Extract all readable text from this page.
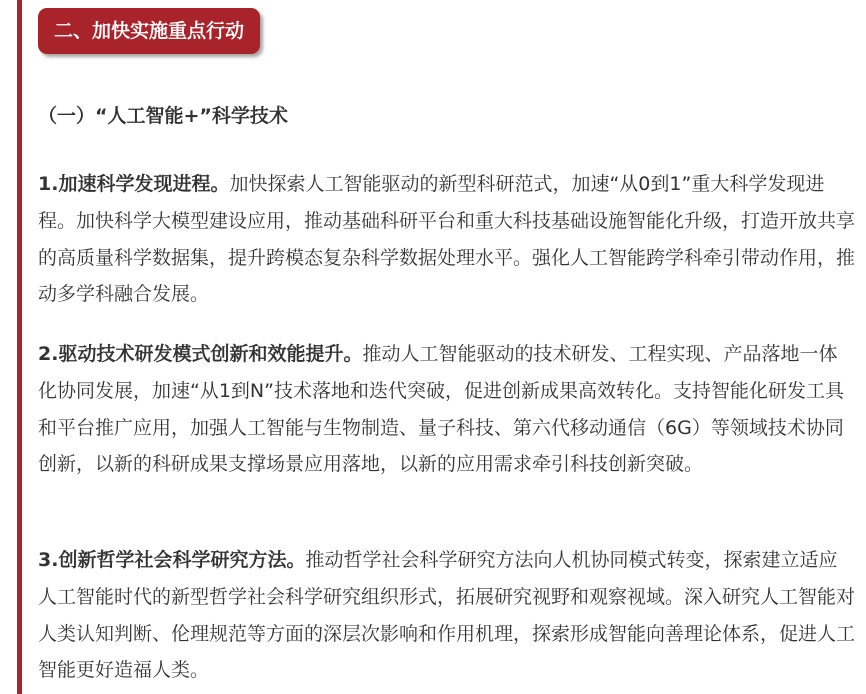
二、加快实施重点行动
（一）“人工智能+”科学技术

1.加速科学发现进程。加快探索人工智能驱动的新型科研范式，加速“从0到1”重大科学发现进程。加快科学大模型建设应用，推动基础科研平台和重大科技基础设施智能化升级，打造开放共享的高质量科学数据集，提升跨模态复杂科学数据处理水平。强化人工智能跨学科牵引带动作用，推动多学科融合发展。

2.驱动技术研发模式创新和效能提升。推动人工智能驱动的技术研发、工程实现、产品落地一体化协同发展，加速“从1到N”技术落地和迭代突破，促进创新成果高效转化。支持智能化研发工具和平台推广应用，加强人工智能与生物制造、量子科技、第六代移动通信（6G）等领域技术协同创新，以新的科研成果支撑场景应用落地，以新的应用需求牵引科技创新突破。

3.创新哲学社会科学研究方法。推动哲学社会科学研究方法向人机协同模式转变，探索建立适应人工智能时代的新型哲学社会科学研究组织形式，拓展研究视野和观察视域。深入研究人工智能对人类认知判断、伦理规范等方面的深层次影响和作用机理，探索形成智能向善理论体系，促进人工智能更好造福人类。
